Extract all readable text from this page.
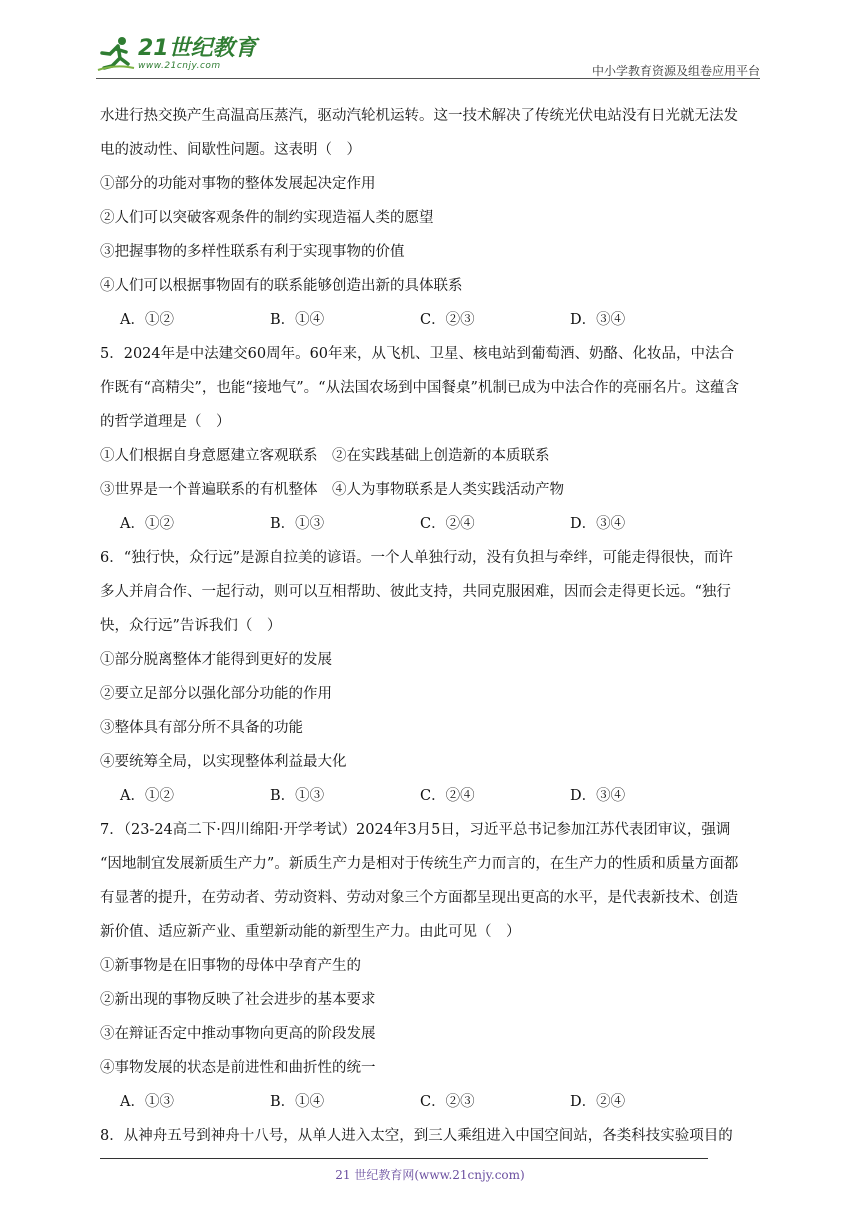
21世纪教育
www.21cnjy.com	中小学教育资源及组卷应用平台
水进行热交换产生高温高压蒸汽，驱动汽轮机运转。这一技术解决了传统光伏电站没有日光就无法发
电的波动性、间歇性问题。这表明（　）
①部分的功能对事物的整体发展起决定作用
②人们可以突破客观条件的制约实现造福人类的愿望
③把握事物的多样性联系有利于实现事物的价值
④人们可以根据事物固有的联系能够创造出新的具体联系
A．①②	B．①④	C．②③	D．③④
5．2024年是中法建交60周年。60年来，从飞机、卫星、核电站到葡萄酒、奶酪、化妆品，中法合
作既有“高精尖”，也能“接地气”。“从法国农场到中国餐桌”机制已成为中法合作的亮丽名片。这蕴含
的哲学道理是（　）
①人们根据自身意愿建立客观联系　②在实践基础上创造新的本质联系
③世界是一个普遍联系的有机整体　④人为事物联系是人类实践活动产物
A．①②	B．①③	C．②④	D．③④
6．“独行快，众行远”是源自拉美的谚语。一个人单独行动，没有负担与牵绊，可能走得很快，而许
多人并肩合作、一起行动，则可以互相帮助、彼此支持，共同克服困难，因而会走得更长远。“独行
快，众行远”告诉我们（　）
①部分脱离整体才能得到更好的发展
②要立足部分以强化部分功能的作用
③整体具有部分所不具备的功能
④要统筹全局，以实现整体利益最大化
A．①②	B．①③	C．②④	D．③④
7．（23-24高二下·四川绵阳·开学考试）2024年3月5日，习近平总书记参加江苏代表团审议，强调
“因地制宜发展新质生产力”。新质生产力是相对于传统生产力而言的，在生产力的性质和质量方面都
有显著的提升，在劳动者、劳动资料、劳动对象三个方面都呈现出更高的水平，是代表新技术、创造
新价值、适应新产业、重塑新动能的新型生产力。由此可见（　）
①新事物是在旧事物的母体中孕育产生的
②新出现的事物反映了社会进步的基本要求
③在辩证否定中推动事物向更高的阶段发展
④事物发展的状态是前进性和曲折性的统一
A．①③	B．①④	C．②③	D．②④
8．从神舟五号到神舟十八号，从单人进入太空，到三人乘组进入中国空间站，各类科技实验项目的
21 世纪教育网(www.21cnjy.com)
